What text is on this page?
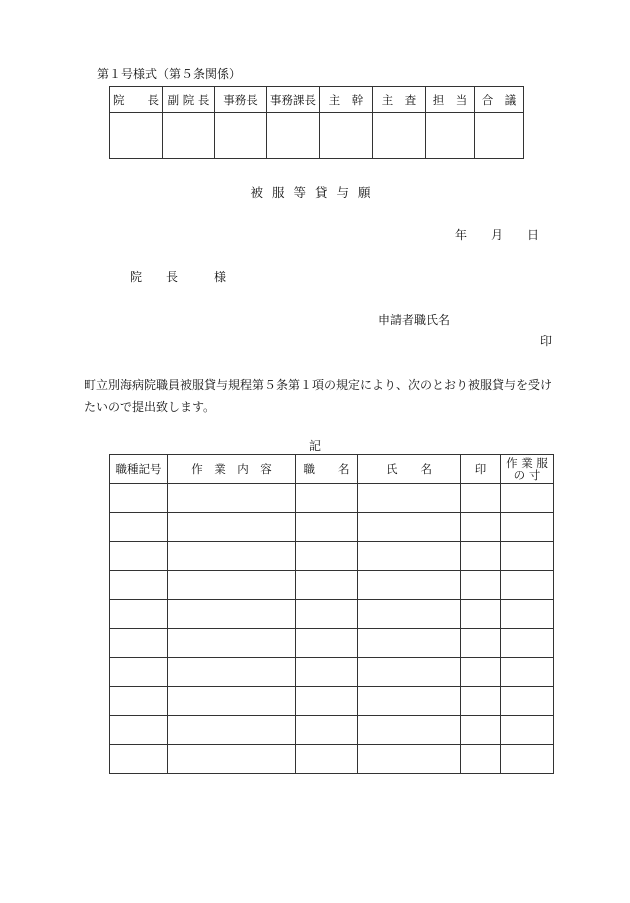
第１号様式（第５条関係）
院　　長	副 院 長	事務長	事務課長	主　幹	主　査	担　当	合　議

被服等貸与願
年　　月　　日
院　　長　　　様
申請者職氏名
印
町立別海病院職員被服貸与規程第５条第１項の規定により、次のとおり被服貸与を受けたいので提出致します。
記
職種記号	作　業　内　容	職　　名	氏　　名	印	作 業 服
の 寸
